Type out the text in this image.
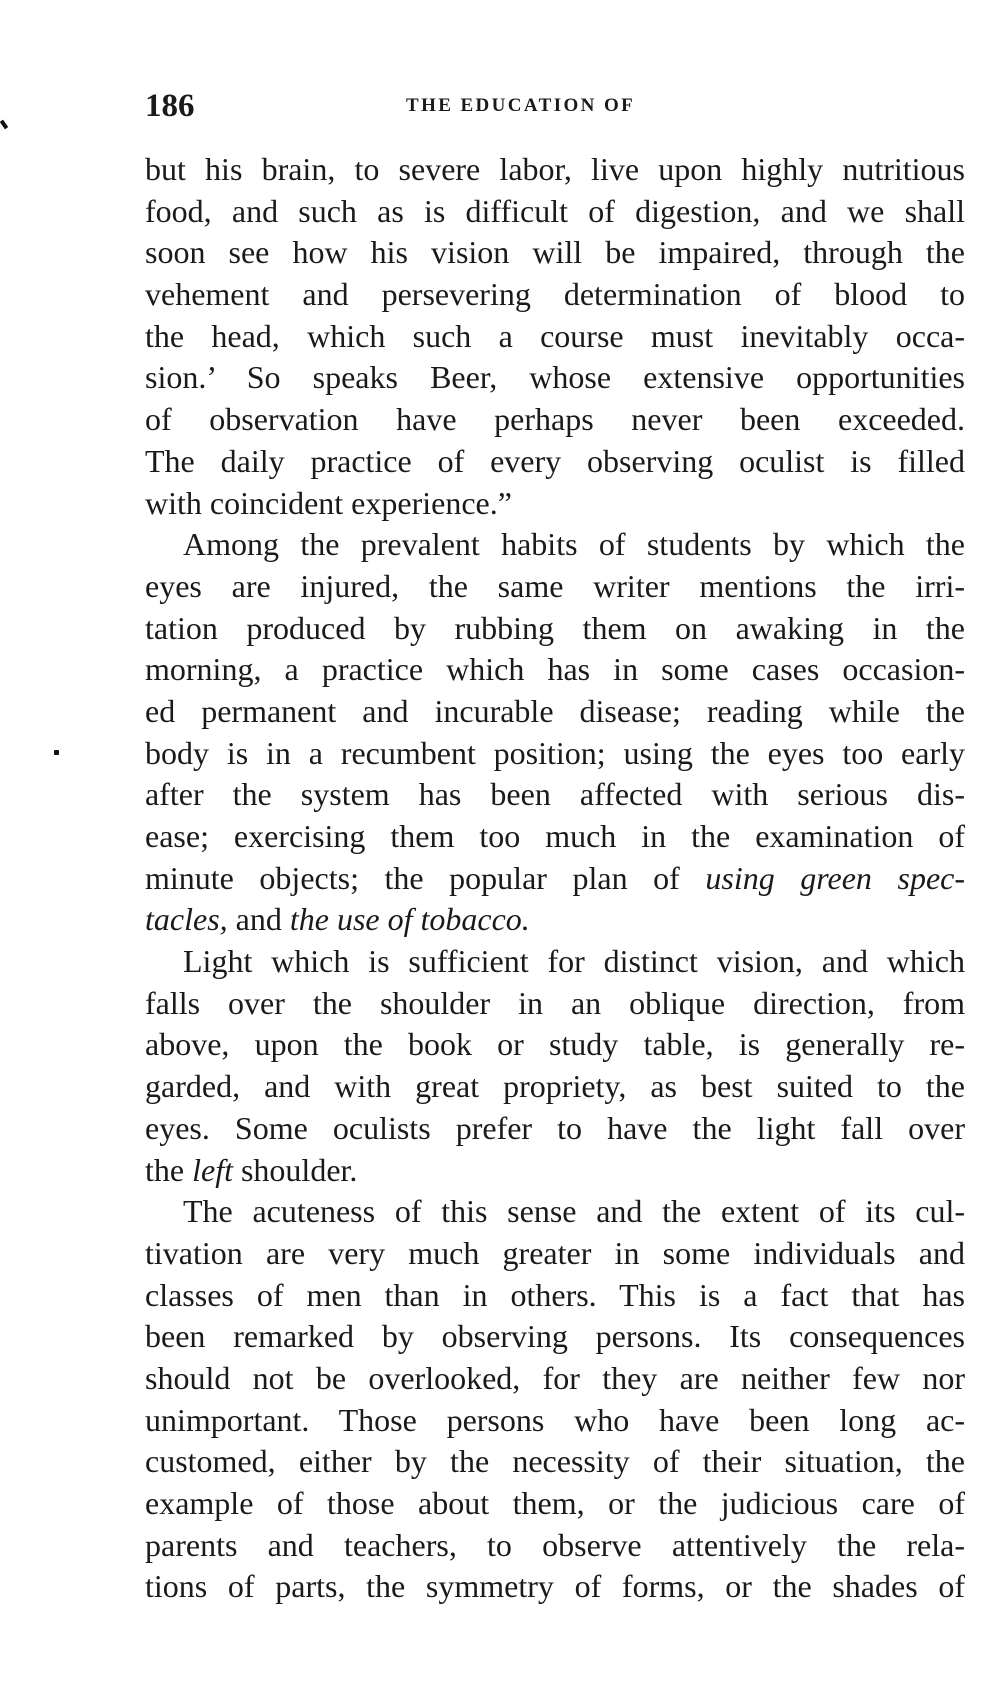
186	THE EDUCATION OF
but his brain, to severe labor, live upon highly nutritious
food, and such as is difficult of digestion, and we shall
soon see how his vision will be impaired, through the
vehement and persevering determination of blood to
the head, which such a course must inevitably occa-
sion.’ So speaks Beer, whose extensive opportunities
of observation have perhaps never been exceeded.
The daily practice of every observing oculist is filled
with coincident experience.”
Among the prevalent habits of students by which the
eyes are injured, the same writer mentions the irri-
tation produced by rubbing them on awaking in the
morning, a practice which has in some cases occasion-
ed permanent and incurable disease; reading while the
body is in a recumbent position; using the eyes too early
after the system has been affected with serious dis-
ease; exercising them too much in the examination of
minute objects; the popular plan of using green spec-
tacles, and the use of tobacco.
Light which is sufficient for distinct vision, and which
falls over the shoulder in an oblique direction, from
above, upon the book or study table, is generally re-
garded, and with great propriety, as best suited to the
eyes. Some oculists prefer to have the light fall over
the left shoulder.
The acuteness of this sense and the extent of its cul-
tivation are very much greater in some individuals and
classes of men than in others. This is a fact that has
been remarked by observing persons. Its consequences
should not be overlooked, for they are neither few nor
unimportant. Those persons who have been long ac-
customed, either by the necessity of their situation, the
example of those about them, or the judicious care of
parents and teachers, to observe attentively the rela-
tions of parts, the symmetry of forms, or the shades of
